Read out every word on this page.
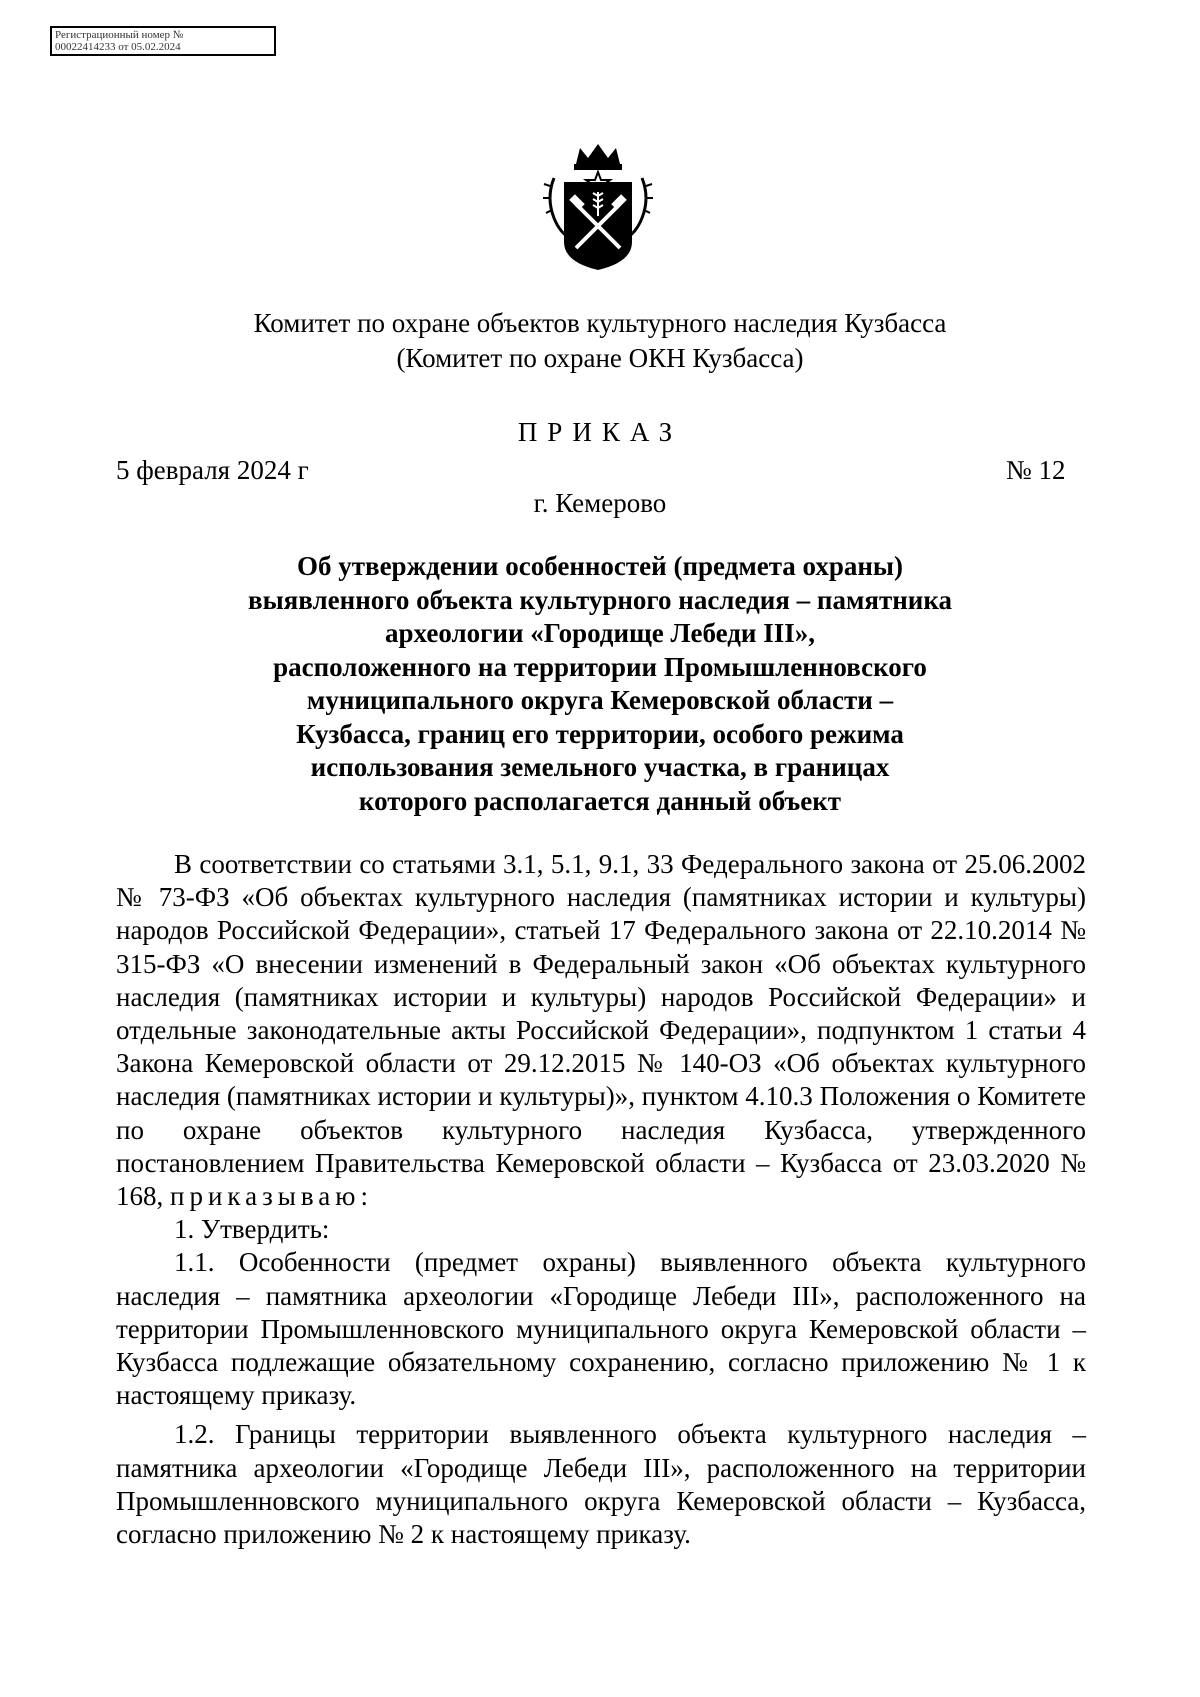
Регистрационный номер №
00022414233 от 05.02.2024
Комитет по охране объектов культурного наследия Кузбасса
(Комитет по охране ОКН Кузбасса)
ПРИКАЗ
5 февраля 2024 г	№ 12
г. Кемерово
Об утверждении особенностей (предмета охраны)
выявленного объекта культурного наследия – памятника
археологии «Городище Лебеди III»,
расположенного на территории Промышленновского
муниципального округа Кемеровской области –
Кузбасса, границ его территории, особого режима
использования земельного участка, в границах
которого располагается данный объект

В соответствии со статьями 3.1, 5.1, 9.1, 33 Федерального закона от 25.06.2002 № 73-ФЗ «Об объектах культурного наследия (памятниках истории и культуры) народов Российской Федерации», статьей 17 Федерального закона от 22.10.2014 № 315-ФЗ «О внесении изменений в Федеральный закон «Об объектах культурного наследия (памятниках истории и культуры) народов Российской Федерации» и отдельные законодательные акты Российской Федерации», подпунктом 1 статьи 4 Закона Кемеровской области от 29.12.2015 № 140-ОЗ «Об объектах культурного наследия (памятниках истории и культуры)», пунктом 4.10.3 Положения о Комитете по охране объектов культурного наследия Кузбасса, утвержденного постановлением Правительства Кемеровской области – Кузбасса от 23.03.2020 № 168, приказываю:

1. Утвердить:

1.1. Особенности (предмет охраны) выявленного объекта культурного наследия – памятника археологии «Городище Лебеди III», расположенного на территории Промышленновского муниципального округа Кемеровской области – Кузбасса подлежащие обязательному сохранению, согласно приложению № 1 к настоящему приказу.

1.2. Границы территории выявленного объекта культурного наследия – памятника археологии «Городище Лебеди III», расположенного на территории Промышленновского муниципального округа Кемеровской области – Кузбасса, согласно приложению № 2 к настоящему приказу.
